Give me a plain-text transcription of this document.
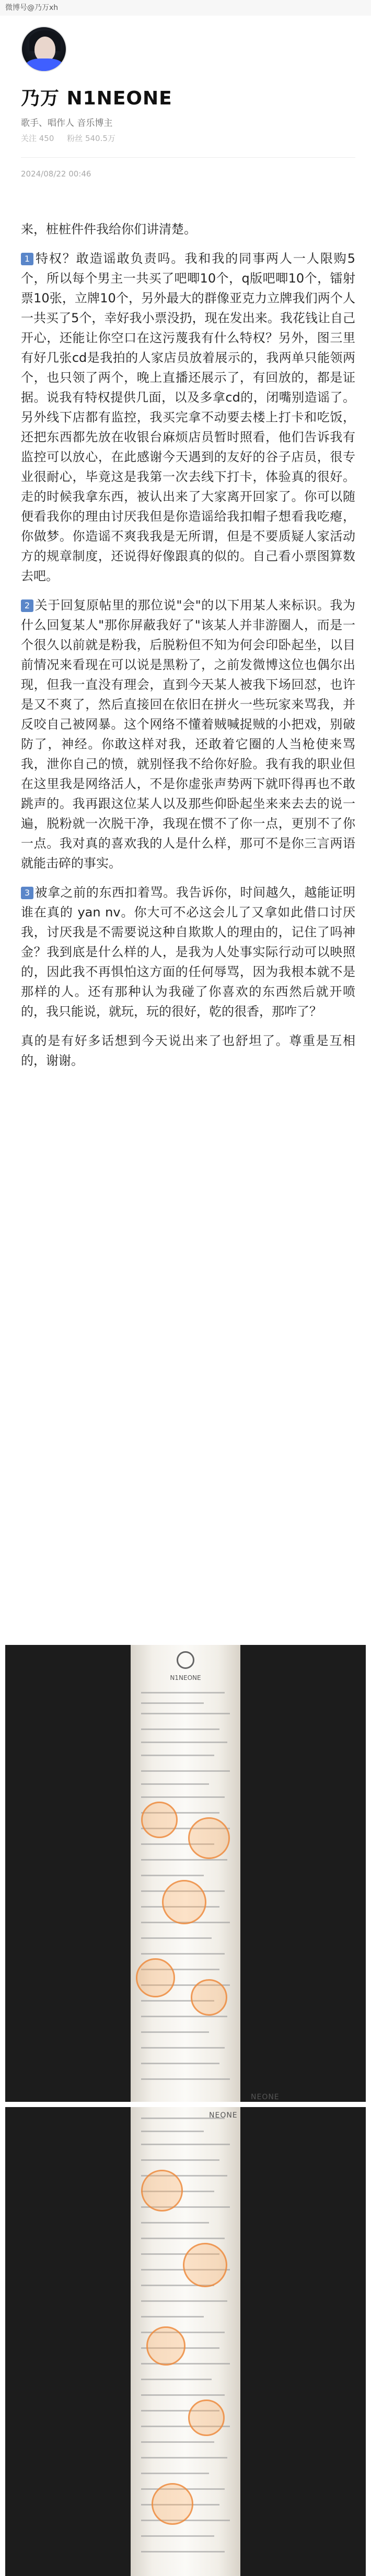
微博号@乃万xh
乃万 N1NEONE
歌手、唱作人 音乐博主
关注 450 粉丝 540.5万
2024/08/22 00:46

来，桩桩件件我给你们讲清楚。

1 特权？敢造谣敢负责吗。我和我的同事两人一人限购5个，所以每个男主一共买了吧唧10个，q版吧唧10个，镭射票10张，立牌10个，另外最大的群像亚克力立牌我们两个人一共买了5个，幸好我小票没扔，现在发出来。我花钱让自己开心，还能让你空口在这污蔑我有什么特权？另外，图三里有好几张cd是我拍的人家店员放着展示的，我两单只能领两个，也只领了两个，晚上直播还展示了，有回放的，都是证据。说我有特权提供几面，以及多拿cd的，闭嘴别造谣了。另外线下店都有监控，我买完拿不动要去楼上打卡和吃饭，还把东西都先放在收银台麻烦店员暂时照看，他们告诉我有监控可以放心，在此感谢今天遇到的友好的谷子店员，很专业很耐心，毕竟这是我第一次去线下打卡，体验真的很好。走的时候我拿东西，被认出来了大家离开回家了。你可以随便看我你的理由讨厌我但是你造谣给我扣帽子想看我吃瘪，你做梦。你造谣不爽我我是无所谓，但是不要质疑人家活动方的规章制度，还说得好像跟真的似的。自己看小票图算数去吧。

2 关于回复原帖里的那位说"会"的以下用某人来标识。我为什么回复某人"那你屏蔽我好了"该某人并非游圈人，而是一个很久以前就是粉我，后脱粉但不知为何会印卧起坐，以目前情况来看现在可以说是黑粉了，之前发微博这位也偶尔出现，但我一直没有理会，直到今天某人被我下场回怼，也许是又不爽了，然后直接回在依旧在拼火一些玩家来骂我，并反咬自己被网暴。这个网络不懂着贼喊捉贼的小把戏，别破防了，神经。你敢这样对我，还敢着它圈的人当枪使来骂我，泄你自己的愤，就别怪我不给你好脸。我有我的职业但在这里我是网络活人，不是你虚张声势两下就吓得再也不敢跳声的。我再跟这位某人以及那些仰卧起坐来来去去的说一遍，脱粉就一次脱干净，我现在惯不了你一点，更別不了你一点。我对真的喜欢我的人是什么样，那可不是你三言两语就能击碎的事实。

3 被拿之前的东西扣着骂。我告诉你，时间越久，越能证明谁在真的 yan nv。你大可不必这会儿了又拿如此借口讨厌我，讨厌我是不需要说这种自欺欺人的理由的，记住了吗神金？我到底是什么样的人，是我为人处事实际行动可以映照的，因此我不再惧怕这方面的任何辱骂，因为我根本就不是那样的人。还有那种认为我碰了你喜欢的东西然后就开喷的，我只能说，就玩，玩的很好，乾的很香，那咋了？

真的是有好多话想到今天说出来了也舒坦了。尊重是互相的，谢谢。

N1NEONE
NEONE
NEONE
